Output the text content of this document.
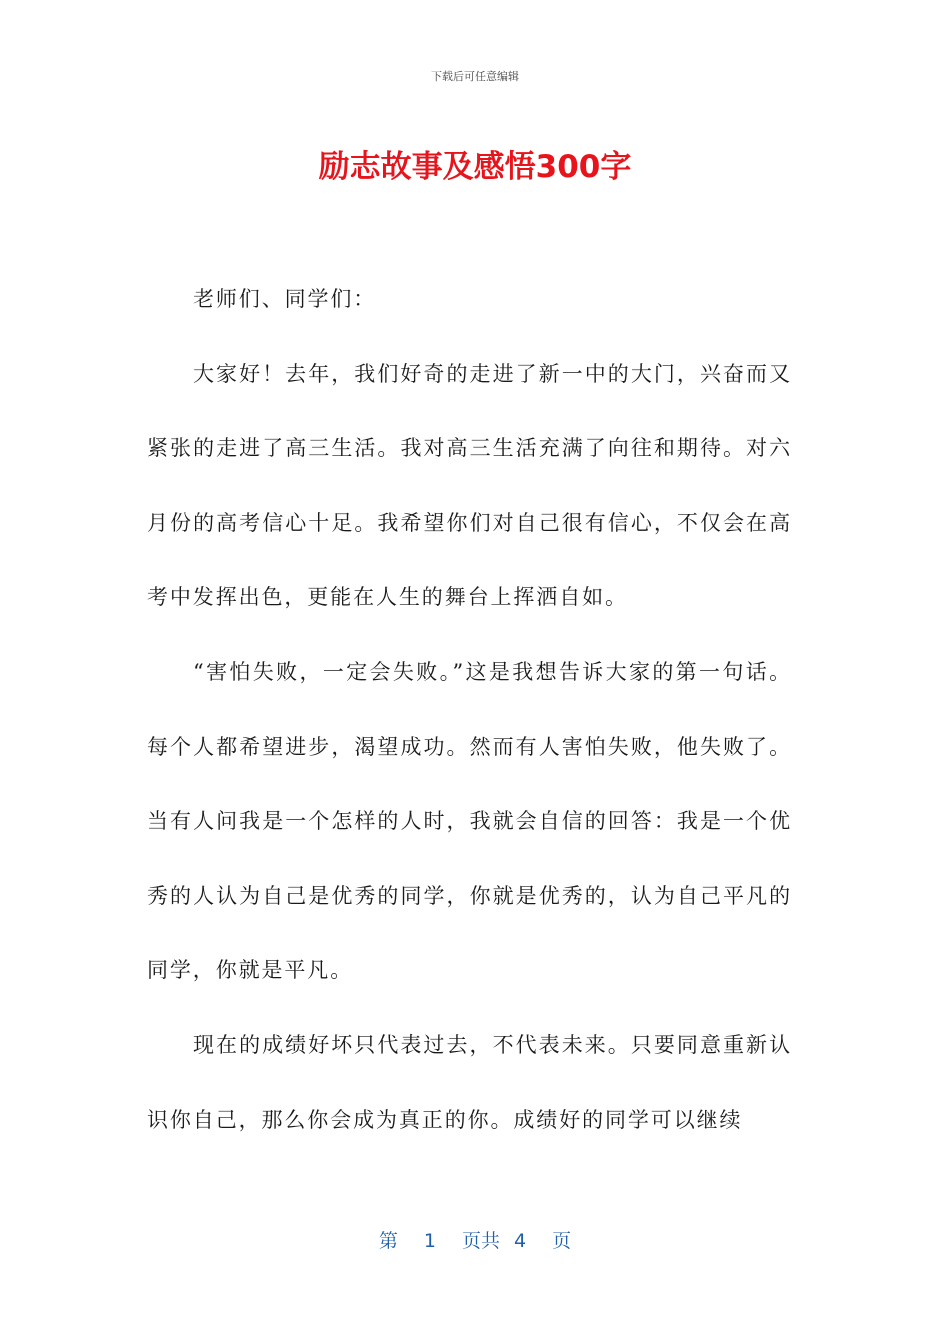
下载后可任意编辑
励志故事及感悟300字

老师们、同学们：

大家好！去年，我们好奇的走进了新一中的大门，兴奋而又紧张的走进了高三生活。我对高三生活充满了向往和期待。对六月份的高考信心十足。我希望你们对自己很有信心，不仅会在高考中发挥出色，更能在人生的舞台上挥洒自如。

“害怕失败，一定会失败。”这是我想告诉大家的第一句话。每个人都希望进步，渴望成功。然而有人害怕失败，他失败了。当有人问我是一个怎样的人时，我就会自信的回答：我是一个优秀的人认为自己是优秀的同学，你就是优秀的，认为自己平凡的同学，你就是平凡。

现在的成绩好坏只代表过去，不代表未来。只要同意重新认识你自己，那么你会成为真正的你。成绩好的同学可以继续

第 1 页共 4 页
